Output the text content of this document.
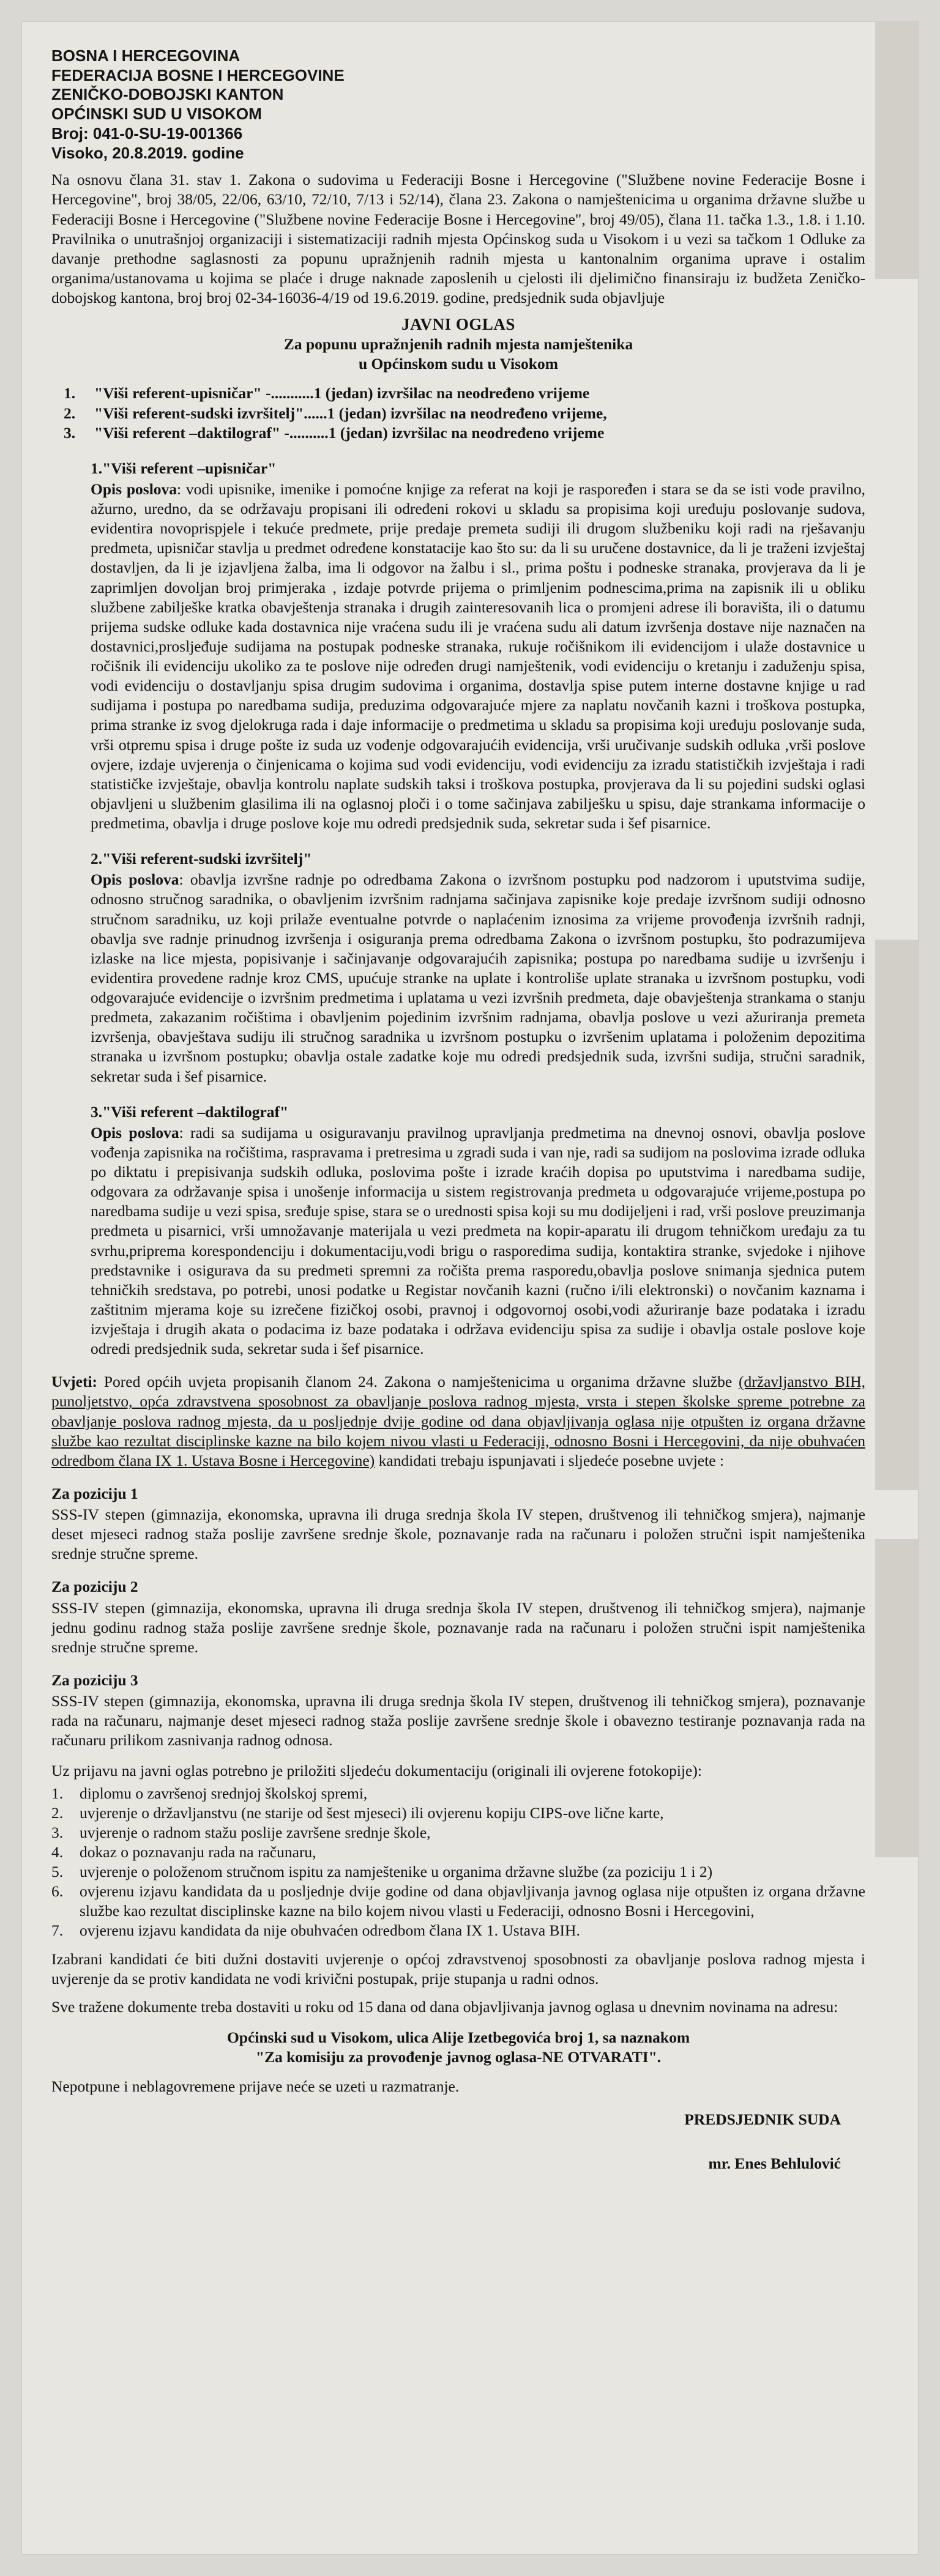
BOSNA I HERCEGOVINA
FEDERACIJA BOSNE I HERCEGOVINE
ZENIČKO-DOBOJSKI KANTON
OPĆINSKI SUD U VISOKOM
Broj: 041-0-SU-19-001366
Visoko, 20.8.2019. godine

Na osnovu člana 31. stav 1. Zakona o sudovima u Federaciji Bosne i Hercegovine ("Službene novine Federacije Bosne i Hercegovine", broj 38/05, 22/06, 63/10, 72/10, 7/13 i 52/14), člana 23. Zakona o namještenicima u organima državne službe u Federaciji Bosne i Hercegovine ("Službene novine Federacije Bosne i Hercegovine", broj 49/05), člana 11. tačka 1.3., 1.8. i 1.10. Pravilnika o unutrašnjoj organizaciji i sistematizaciji radnih mjesta Općinskog suda u Visokom i u vezi sa tačkom 1 Odluke za davanje prethodne saglasnosti za popunu upražnjenih radnih mjesta u kantonalnim organima uprave i ostalim organima/ustanovama u kojima se plaće i druge naknade zaposlenih u cjelosti ili djelimično finansiraju iz budžeta Zeničko-dobojskog kantona, broj broj 02-34-16036-4/19 od 19.6.2019. godine, predsjednik suda objavljuje

JAVNI OGLAS
Za popunu upražnjenih radnih mjesta namještenika
u Općinskom sudu u Visokom
1. "Viši referent-upisničar" -...........1 (jedan) izvršilac na neodređeno vrijeme
2. "Viši referent-sudski izvršitelj"......1 (jedan) izvršilac na neodređeno vrijeme,
3. "Viši referent –daktilograf" -..........1 (jedan) izvršilac na neodređeno vrijeme
1."Viši referent –upisničar"

Opis poslova: vodi upisnike, imenike i pomoćne knjige za referat na koji je raspoređen i stara se da se isti vode pravilno, ažurno, uredno, da se održavaju propisani ili određeni rokovi u skladu sa propisima koji uređuju poslovanje sudova, evidentira novoprispjele i tekuće predmete, prije predaje premeta sudiji ili drugom službeniku koji radi na rješavanju predmeta, upisničar stavlja u predmet određene konstatacije kao što su: da li su uručene dostavnice, da li je traženi izvještaj dostavljen, da li je izjavljena žalba, ima li odgovor na žalbu i sl., prima poštu i podneske stranaka, provjerava da li je zaprimljen dovoljan broj primjeraka , izdaje potvrde prijema o primljenim podnescima,prima na zapisnik ili u obliku službene zabilješke kratka obavještenja stranaka i drugih zainteresovanih lica o promjeni adrese ili boravišta, ili o datumu prijema sudske odluke kada dostavnica nije vraćena sudu ili je vraćena sudu ali datum izvršenja dostave nije naznačen na dostavnici,prosljeđuje sudijama na postupak podneske stranaka, rukuje ročišnikom ili evidencijom i ulaže dostavnice u ročišnik ili evidenciju ukoliko za te poslove nije određen drugi namještenik, vodi evidenciju o kretanju i zaduženju spisa, vodi evidenciju o dostavljanju spisa drugim sudovima i organima, dostavlja spise putem interne dostavne knjige u rad sudijama i postupa po naredbama sudija, preduzima odgovarajuće mjere za naplatu novčanih kazni i troškova postupka, prima stranke iz svog djelokruga rada i daje informacije o predmetima u skladu sa propisima koji uređuju poslovanje suda, vrši otpremu spisa i druge pošte iz suda uz vođenje odgovarajućih evidencija, vrši uručivanje sudskih odluka ,vrši poslove ovjere, izdaje uvjerenja o činjenicama o kojima sud vodi evidenciju, vodi evidenciju za izradu statističkih izvještaja i radi statističke izvještaje, obavlja kontrolu naplate sudskih taksi i troškova postupka, provjerava da li su pojedini sudski oglasi objavljeni u službenim glasilima ili na oglasnoj ploči i o tome sačinjava zabilješku u spisu, daje strankama informacije o predmetima, obavlja i druge poslove koje mu odredi predsjednik suda, sekretar suda i šef pisarnice.

2."Viši referent-sudski izvršitelj"

Opis poslova: obavlja izvršne radnje po odredbama Zakona o izvršnom postupku pod nadzorom i uputstvima sudije, odnosno stručnog saradnika, o obavljenim izvršnim radnjama sačinjava zapisnike koje predaje izvršnom sudiji odnosno stručnom saradniku, uz koji prilaže eventualne potvrde o naplaćenim iznosima za vrijeme provođenja izvršnih radnji, obavlja sve radnje prinudnog izvršenja i osiguranja prema odredbama Zakona o izvršnom postupku, što podrazumijeva izlaske na lice mjesta, popisivanje i sačinjavanje odgovarajućih zapisnika; postupa po naredbama sudije u izvršenju i evidentira provedene radnje kroz CMS, upućuje stranke na uplate i kontroliše uplate stranaka u izvršnom postupku, vodi odgovarajuće evidencije o izvršnim predmetima i uplatama u vezi izvršnih predmeta, daje obavještenja strankama o stanju predmeta, zakazanim ročištima i obavljenim pojedinim izvršnim radnjama, obavlja poslove u vezi ažuriranja premeta izvršenja, obavještava sudiju ili stručnog saradnika u izvršnom postupku o izvršenim uplatama i položenim depozitima stranaka u izvršnom postupku; obavlja ostale zadatke koje mu odredi predsjednik suda, izvršni sudija, stručni saradnik, sekretar suda i šef pisarnice.

3."Viši referent –daktilograf"

Opis poslova: radi sa sudijama u osiguravanju pravilnog upravljanja predmetima na dnevnoj osnovi, obavlja poslove vođenja zapisnika na ročištima, raspravama i pretresima u zgradi suda i van nje, radi sa sudijom na poslovima izrade odluka po diktatu i prepisivanja sudskih odluka, poslovima pošte i izrade kraćih dopisa po uputstvima i naredbama sudije, odgovara za održavanje spisa i unošenje informacija u sistem registrovanja predmeta u odgovarajuće vrijeme,postupa po naredbama sudije u vezi spisa, sređuje spise, stara se o urednosti spisa koji su mu dodijeljeni i rad, vrši poslove preuzimanja predmeta u pisarnici, vrši umnožavanje materijala u vezi predmeta na kopir-aparatu ili drugom tehničkom uređaju za tu svrhu,priprema korespondenciju i dokumentaciju,vodi brigu o rasporedima sudija, kontaktira stranke, svjedoke i njihove predstavnike i osigurava da su predmeti spremni za ročišta prema rasporedu,obavlja poslove snimanja sjednica putem tehničkih sredstava, po potrebi, unosi podatke u Registar novčanih kazni (ručno i/ili elektronski) o novčanim kaznama i zaštitnim mjerama koje su izrečene fizičkoj osobi, pravnoj i odgovornoj osobi,vodi ažuriranje baze podataka i izradu izvještaja i drugih akata o podacima iz baze podataka i održava evidenciju spisa za sudije i obavlja ostale poslove koje odredi predsjednik suda, sekretar suda i šef pisarnice.

Uvjeti: Pored općih uvjeta propisanih članom 24. Zakona o namještenicima u organima državne službe (državljanstvo BIH, punoljetstvo, opća zdravstvena sposobnost za obavljanje poslova radnog mjesta, vrsta i stepen školske spreme potrebne za obavljanje poslova radnog mjesta, da u posljednje dvije godine od dana objavljivanja oglasa nije otpušten iz organa državne službe kao rezultat disciplinske kazne na bilo kojem nivou vlasti u Federaciji, odnosno Bosni i Hercegovini, da nije obuhvaćen odredbom člana IX 1. Ustava Bosne i Hercegovine) kandidati trebaju ispunjavati i sljedeće posebne uvjete :

Za poziciju 1

SSS-IV stepen (gimnazija, ekonomska, upravna ili druga srednja škola IV stepen, društvenog ili tehničkog smjera), najmanje deset mjeseci radnog staža poslije završene srednje škole, poznavanje rada na računaru i položen stručni ispit namještenika srednje stručne spreme.

Za poziciju 2

SSS-IV stepen (gimnazija, ekonomska, upravna ili druga srednja škola IV stepen, društvenog ili tehničkog smjera), najmanje jednu godinu radnog staža poslije završene srednje škole, poznavanje rada na računaru i položen stručni ispit namještenika srednje stručne spreme.

Za poziciju 3

SSS-IV stepen (gimnazija, ekonomska, upravna ili druga srednja škola IV stepen, društvenog ili tehničkog smjera), poznavanje rada na računaru, najmanje deset mjeseci radnog staža poslije završene srednje škole i obavezno testiranje poznavanja rada na računaru prilikom zasnivanja radnog odnosa.

Uz prijavu na javni oglas potrebno je priložiti sljedeću dokumentaciju (originali ili ovjerene fotokopije):

1.	diplomu o završenoj srednjoj školskoj spremi,
2.	uvjerenje o državljanstvu (ne starije od šest mjeseci) ili ovjerenu kopiju CIPS-ove lične karte,
3.	uvjerenje o radnom stažu poslije završene srednje škole,
4.	dokaz o poznavanju rada na računaru,
5.	uvjerenje o položenom stručnom ispitu za namještenike u organima državne službe (za poziciju 1 i 2)
6.	ovjerenu izjavu kandidata da u posljednje dvije godine od dana objavljivanja javnog oglasa nije otpušten iz organa državne službe kao rezultat disciplinske kazne na bilo kojem nivou vlasti u Federaciji, odnosno Bosni i Hercegovini,
7.	ovjerenu izjavu kandidata da nije obuhvaćen odredbom člana IX 1. Ustava BIH.

Izabrani kandidati će biti dužni dostaviti uvjerenje o općoj zdravstvenoj sposobnosti za obavljanje poslova radnog mjesta i uvjerenje da se protiv kandidata ne vodi krivični postupak, prije stupanja u radni odnos.

Sve tražene dokumente treba dostaviti u roku od 15 dana od dana objavljivanja javnog oglasa u dnevnim novinama na adresu:

Općinski sud u Visokom, ulica Alije Izetbegovića broj 1, sa naznakom
"Za komisiju za provođenje javnog oglasa-NE OTVARATI".

Nepotpune i neblagovremene prijave neće se uzeti u razmatranje.

PREDSJEDNIK SUDA
mr. Enes Behlulović
